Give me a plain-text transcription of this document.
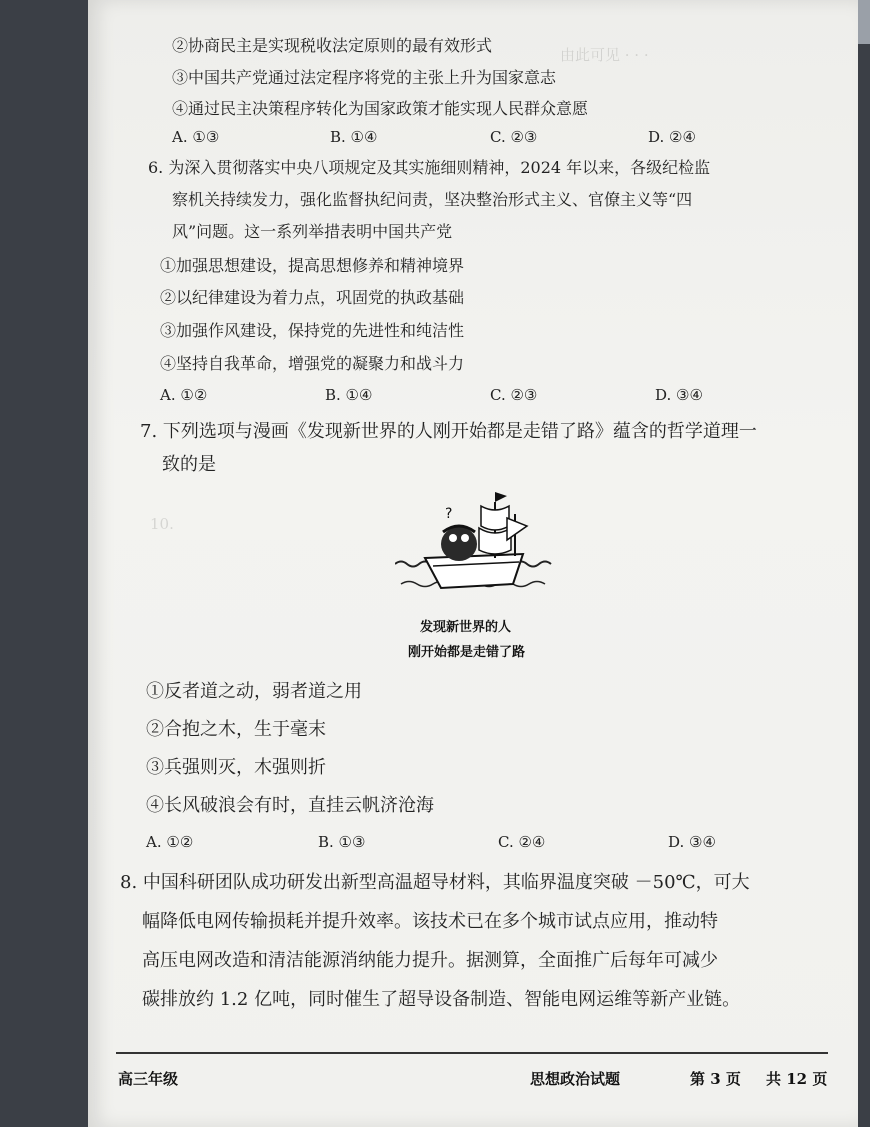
由此可见 · · ·
10.
②协商民主是实现税收法定原则的最有效形式
③中国共产党通过法定程序将党的主张上升为国家意志
④通过民主决策程序转化为国家政策才能实现人民群众意愿
A. ①③	B. ①④	C. ②③	D. ②④
6. 为深入贯彻落实中央八项规定及其实施细则精神，2024 年以来，各级纪检监
察机关持续发力，强化监督执纪问责，坚决整治形式主义、官僚主义等“四
风”问题。这一系列举措表明中国共产党
①加强思想建设，提高思想修养和精神境界
②以纪律建设为着力点，巩固党的执政基础
③加强作风建设，保持党的先进性和纯洁性
④坚持自我革命，增强党的凝聚力和战斗力
A. ①②	B. ①④	C. ②③	D. ③④
7. 下列选项与漫画《发现新世界的人刚开始都是走错了路》蕴含的哲学道理一
致的是
?
发现新世界的人
刚开始都是走错了路
①反者道之动，弱者道之用
②合抱之木，生于毫末
③兵强则灭，木强则折
④长风破浪会有时，直挂云帆济沧海
A. ①②	B. ①③	C. ②④	D. ③④
8. 中国科研团队成功研发出新型高温超导材料，其临界温度突破 －50℃，可大
幅降低电网传输损耗并提升效率。该技术已在多个城市试点应用，推动特
高压电网改造和清洁能源消纳能力提升。据测算，全面推广后每年可减少
碳排放约 1.2 亿吨，同时催生了超导设备制造、智能电网运维等新产业链。
高三年级	思想政治试题	第 3 页 共 12 页
